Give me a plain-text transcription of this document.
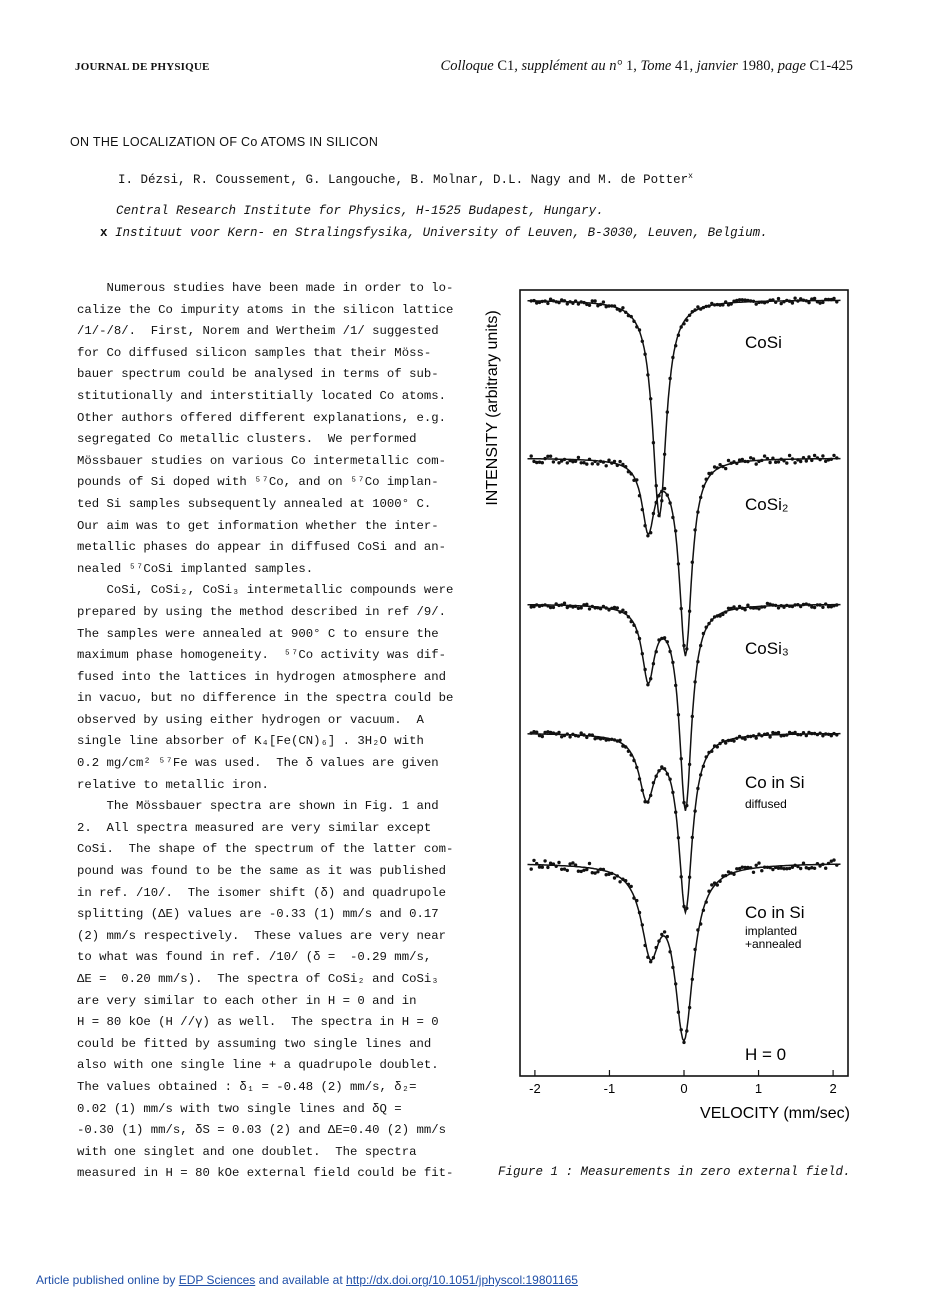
JOURNAL DE PHYSIQUE	Colloque C1, supplément au n° 1, Tome 41, janvier 1980, page C1-425
ON THE LOCALIZATION OF Co ATOMS IN SILICON
I. Dézsi, R. Coussement, G. Langouche, B. Molnar, D.L. Nagy and M. de Potter$^x$
Central Research Institute for Physics, H-1525 Budapest, Hungary.
x Instituut voor Kern- en Stralingsfysika, University of Leuven, B-3030, Leuven, Belgium.
Numerous studies have been made in order to lo-
calize the Co impurity atoms in the silicon lattice
/1/-/8/.  First, Norem and Wertheim /1/ suggested
for Co diffused silicon samples that their Möss-
bauer spectrum could be analysed in terms of sub-
stitutionally and interstitially located Co atoms.
Other authors offered different explanations, e.g.
segregated Co metallic clusters.  We performed
Mössbauer studies on various Co intermetallic com-
pounds of Si doped with ⁵⁷Co, and on ⁵⁷Co implan-
ted Si samples subsequently annealed at 1000° C.
Our aim was to get information whether the inter-
metallic phases do appear in diffused CoSi and an-
nealed ⁵⁷CoSi implanted samples.
CoSi, CoSi₂, CoSi₃ intermetallic compounds were
prepared by using the method described in ref /9/.
The samples were annealed at 900° C to ensure the
maximum phase homogeneity.  ⁵⁷Co activity was dif-
fused into the lattices in hydrogen atmosphere and
in vacuo, but no difference in the spectra could be
observed by using either hydrogen or vacuum.  A
single line absorber of K₄[Fe(CN)₆] . 3H₂O with
0.2 mg/cm² ⁵⁷Fe was used.  The δ values are given
relative to metallic iron.
The Mössbauer spectra are shown in Fig. 1 and
2.  All spectra measured are very similar except
CoSi.  The shape of the spectrum of the latter com-
pound was found to be the same as it was published
in ref. /10/.  The isomer shift (δ) and quadrupole
splitting (ΔE) values are -0.33 (1) mm/s and 0.17
(2) mm/s respectively.  These values are very near
to what was found in ref. /10/ (δ =  -0.29 mm/s,
ΔE =  0.20 mm/s).  The spectra of CoSi₂ and CoSi₃
are very similar to each other in H = 0 and in
H = 80 kOe (H //γ) as well.  The spectra in H = 0
could be fitted by assuming two single lines and
also with one single line + a quadrupole doublet.
The values obtained : δ₁ = -0.48 (2) mm/s, δ₂=
0.02 (1) mm/s with two single lines and δQ =
-0.30 (1) mm/s, δS = 0.03 (2) and ΔE=0.40 (2) mm/s
with one singlet and one doublet.  The spectra
measured in H = 80 kOe external field could be fit-
-2	-1	0	1	2
VELOCITY (mm/sec)
INTENSITY (arbitrary units)	CoSi
CoSi₂
CoSi₃
Co in Si
Co in Si
diffused
implanted
+annealed
H = 0
Figure 1 : Measurements in zero external field.
Article published online by EDP Sciences and available at http://dx.doi.org/10.1051/jphyscol:19801165
